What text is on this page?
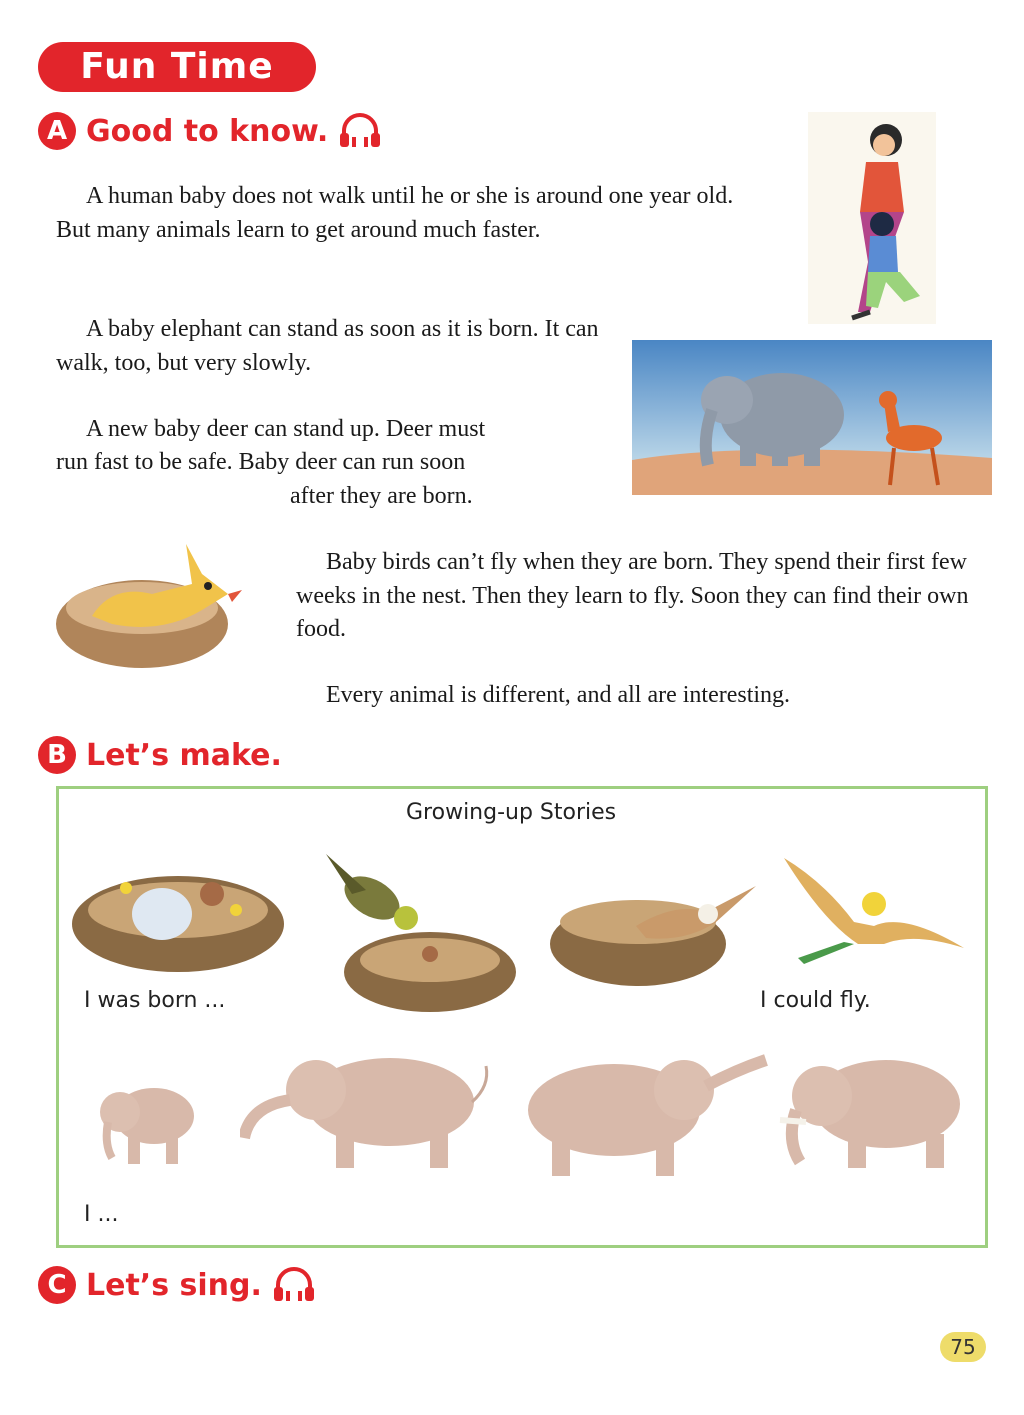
Fun Time
A Good to know.

A human baby does not walk until he or she is around one year old. But many animals learn to get around much faster.

A baby elephant can stand as soon as it is born. It can walk, too, but very slowly.

A new baby deer can stand up. Deer must

run fast to be safe. Baby deer can run soon

after they are born.

Baby birds can’t fly when they are born. They spend their first few weeks in the nest. Then they learn to fly. Soon they can find their own food.

Every animal is different, and all are interesting.

B Let’s make.
Growing-up Stories
I was born ...	I could fly.
I ...
C Let’s sing.
75
